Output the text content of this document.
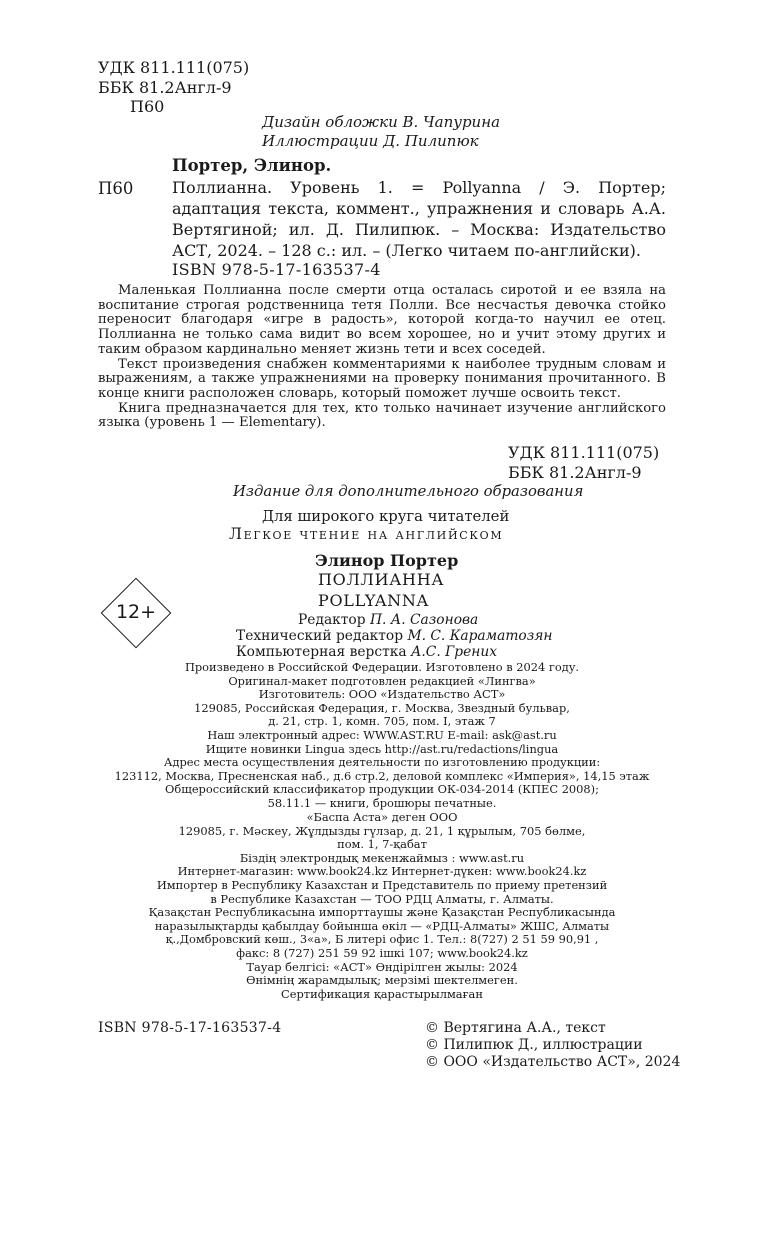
УДК 811.111(075)
ББК 81.2Англ-9
П60
Дизайн обложки В. Чапурина
Иллюстрации Д. Пилипюк
Портер, Элинор.
П60 Поллианна. Уровень 1. = Pollyanna / Э. Портер; адаптация текста, коммент., упражнения и словарь А.А. Вертягиной; ил. Д. Пилипюк. – Москва: Издательство АСТ, 2024. – 128 с.: ил. – (Легко читаем по-английски).

ISBN 978-5-17-163537-4

Маленькая Поллианна после смерти отца осталась сиротой и ее взяла на воспитание строгая родственница тетя Полли. Все несчастья девочка стойко переносит благодаря «игре в радость», которой когда-то научил ее отец. Поллианна не только сама видит во всем хорошее, но и учит этому других и таким образом кардинально меняет жизнь тети и всех соседей.

Текст произведения снабжен комментариями к наиболее трудным словам и выражениям, а также упражнениями на проверку понимания прочитанного. В конце книги расположен словарь, который поможет лучше освоить текст.

Книга предназначается для тех, кто только начинает изучение английского языка (уровень 1 — Elementary).

УДК 811.111(075)
ББК 81.2Англ-9
Издание для дополнительного образования
Для широкого круга читателей
Легкое чтение на английском
Элинор Портер
ПОЛЛИАННА
POLLYANNA
12+	Редактор П. А. Сазонова
Технический редактор М. С. Караматозян
Компьютерная верстка А.С. Грених
Произведено в Российской Федерации. Изготовлено в 2024 году.
Оригинал-макет подготовлен редакцией «Лингва»
Изготовитель: ООО «Издательство АСТ»
129085, Российская Федерация, г. Москва, Звездный бульвар,
д. 21, стр. 1, комн. 705, пом. I, этаж 7
Наш электронный адрес: WWW.AST.RU E-mail: ask@ast.ru
Ищите новинки Lingua здесь http://ast.ru/redactions/lingua
Адрес места осуществления деятельности по изготовлению продукции:
123112, Москва, Пресненская наб., д.6 стр.2, деловой комплекс «Империя», 14,15 этаж
Общероссийский классификатор продукции ОК-034-2014 (КПЕС 2008);
58.11.1 — книги, брошюры печатные.
«Баспа Аста» деген ООО
129085, г. Мәскеу, Жұлдызды гүлзар, д. 21, 1 құрылым, 705 бөлме,
пом. 1, 7-қабат
Біздің электрондық мекенжаймыз : www.ast.ru
Интернет-магазин: www.book24.kz Интернет-дүкен: www.book24.kz
Импортер в Республику Казахстан и Представитель по приему претензий
в Республике Казахстан — ТОО РДЦ Алматы, г. Алматы.
Қазақстан Республикасына импорттаушы және Қазақстан Республикасында
наразылықтарды қабылдау бойынша өкіл — «РДЦ-Алматы» ЖШС, Алматы
қ.,Домбровский көш., 3«а», Б литері офис 1. Тел.: 8(727) 2 51 59 90,91 ,
факс: 8 (727) 251 59 92 ішкі 107; www.book24.kz
Тауар белгісі: «АСТ» Өндірілген жылы: 2024
Өнімнің жарамдылық; мерзімі шектелмеген.
Сертификация қарастырылмаған
ISBN 978-5-17-163537-4	© Вертягина А.А., текст
© Пилипюк Д., иллюстрации
© ООО «Издательство АСТ», 2024
